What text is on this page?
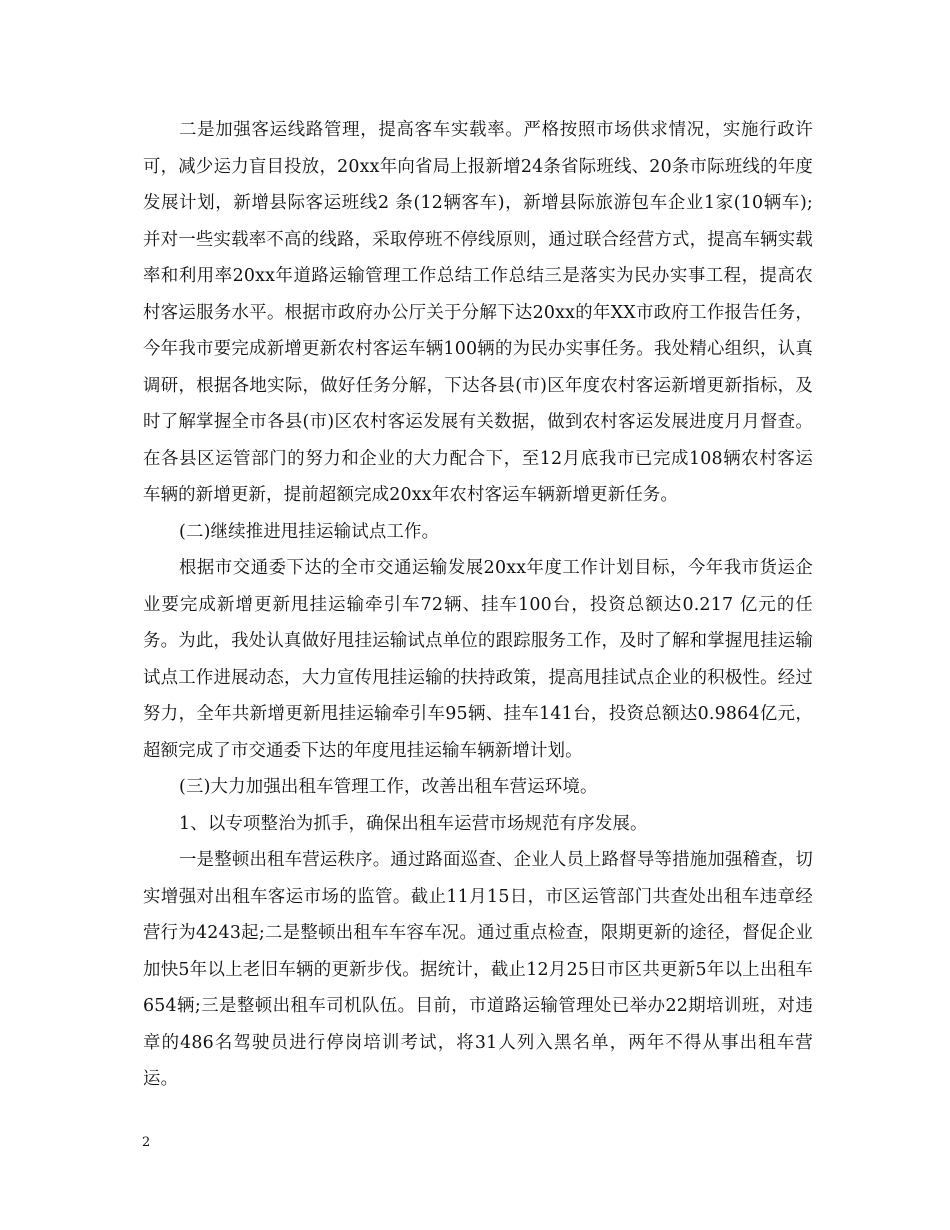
二是加强客运线路管理，提高客车实载率。严格按照市场供求情况，实施行政许可，减少运力盲目投放，20xx年向省局上报新增24条省际班线、20条市际班线的年度发展计划，新增县际客运班线2 条(12辆客车)，新增县际旅游包车企业1家(10辆车);并对一些实载率不高的线路，采取停班不停线原则，通过联合经营方式，提高车辆实载率和利用率20xx年道路运输管理工作总结工作总结三是落实为民办实事工程，提高农村客运服务水平。根据市政府办公厅关于分解下达20xx的年XX市政府工作报告任务，今年我市要完成新增更新农村客运车辆100辆的为民办实事任务。我处精心组织，认真调研，根据各地实际，做好任务分解，下达各县(市)区年度农村客运新增更新指标，及时了解掌握全市各县(市)区农村客运发展有关数据，做到农村客运发展进度月月督查。在各县区运管部门的努力和企业的大力配合下，至12月底我市已完成108辆农村客运车辆的新增更新，提前超额完成20xx年农村客运车辆新增更新任务。

(二)继续推进甩挂运输试点工作。

根据市交通委下达的全市交通运输发展20xx年度工作计划目标，今年我市货运企业要完成新增更新甩挂运输牵引车72辆、挂车100台，投资总额达0.217 亿元的任务。为此，我处认真做好甩挂运输试点单位的跟踪服务工作，及时了解和掌握甩挂运输试点工作进展动态，大力宣传甩挂运输的扶持政策，提高甩挂试点企业的积极性。经过努力，全年共新增更新甩挂运输牵引车95辆、挂车141台，投资总额达0.9864亿元，超额完成了市交通委下达的年度甩挂运输车辆新增计划。

(三)大力加强出租车管理工作，改善出租车营运环境。

1、以专项整治为抓手，确保出租车运营市场规范有序发展。

一是整顿出租车营运秩序。通过路面巡查、企业人员上路督导等措施加强稽查，切实增强对出租车客运市场的监管。截止11月15日，市区运管部门共查处出租车违章经营行为4243起;二是整顿出租车车容车况。通过重点检查，限期更新的途径，督促企业加快5年以上老旧车辆的更新步伐。据统计，截止12月25日市区共更新5年以上出租车654辆;三是整顿出租车司机队伍。目前，市道路运输管理处已举办22期培训班，对违章的486名驾驶员进行停岗培训考试，将31人列入黑名单，两年不得从事出租车营运。

2
